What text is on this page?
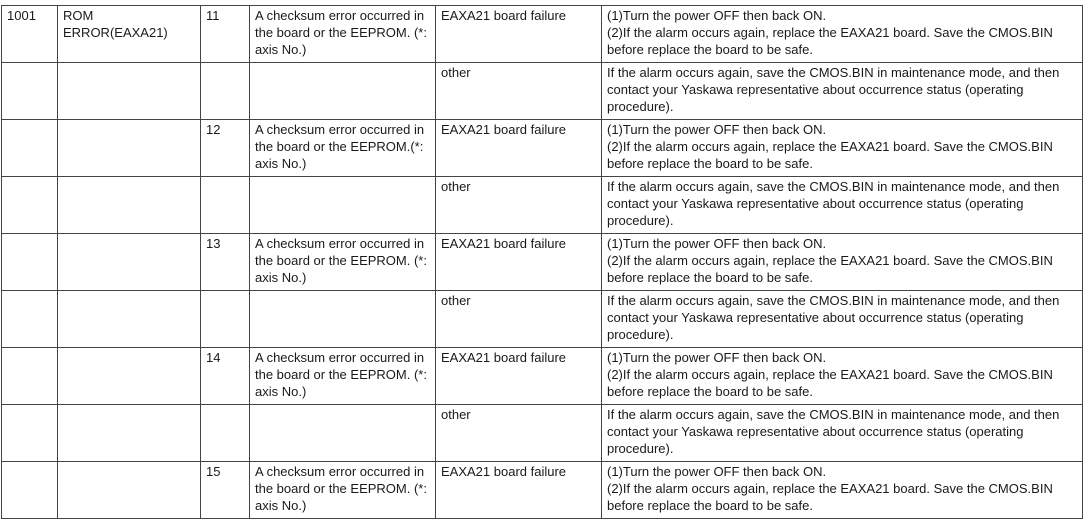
1001	ROM
ERROR(EAXA21)	11	A checksum error occurred in the board or the EEPROM. (*: axis No.)	EAXA21 board failure	(1)Turn the power OFF then back ON.
(2)If the alarm occurs again, replace the EAXA21 board. Save the CMOS.BIN before replace the board to be safe.

				other	If the alarm occurs again, save the CMOS.BIN in maintenance mode, and then contact your Yaskawa representative about occurrence status (operating procedure).
		12	A checksum error occurred in the board or the EEPROM.(*: axis No.)	EAXA21 board failure	(1)Turn the power OFF then back ON.
(2)If the alarm occurs again, replace the EAXA21 board. Save the CMOS.BIN before replace the board to be safe.

				other	If the alarm occurs again, save the CMOS.BIN in maintenance mode, and then contact your Yaskawa representative about occurrence status (operating procedure).
		13	A checksum error occurred in the board or the EEPROM. (*: axis No.)	EAXA21 board failure	(1)Turn the power OFF then back ON.
(2)If the alarm occurs again, replace the EAXA21 board. Save the CMOS.BIN before replace the board to be safe.

				other	If the alarm occurs again, save the CMOS.BIN in maintenance mode, and then contact your Yaskawa representative about occurrence status (operating procedure).
		14	A checksum error occurred in the board or the EEPROM. (*: axis No.)	EAXA21 board failure	(1)Turn the power OFF then back ON.
(2)If the alarm occurs again, replace the EAXA21 board. Save the CMOS.BIN before replace the board to be safe.

				other	If the alarm occurs again, save the CMOS.BIN in maintenance mode, and then contact your Yaskawa representative about occurrence status (operating procedure).
		15	A checksum error occurred in the board or the EEPROM. (*: axis No.)	EAXA21 board failure	(1)Turn the power OFF then back ON.
(2)If the alarm occurs again, replace the EAXA21 board. Save the CMOS.BIN before replace the board to be safe.
